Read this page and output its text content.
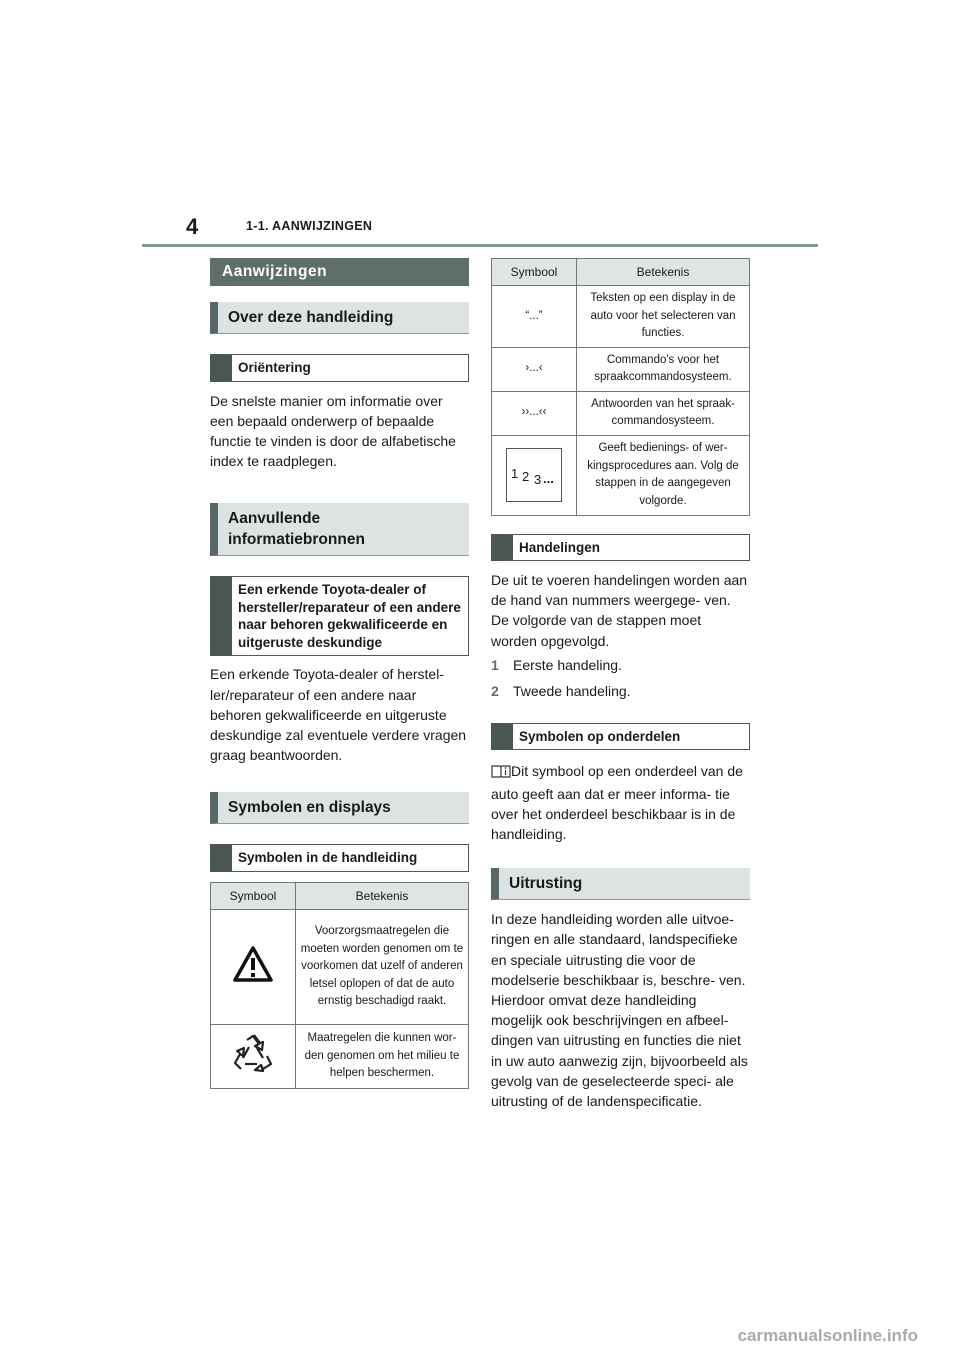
4	1-1. AANWIJZINGEN
Aanwijzingen
Over deze handleiding
Oriëntering
De snelste manier om informatie over een bepaald onderwerp of bepaalde functie te vinden is door de alfabetische index te raadplegen.
Aanvullende
informatiebronnen
Een erkende Toyota-dealer of hersteller/reparateur of een andere naar behoren gekwalificeerde en uitgeruste deskundige
Een erkende Toyota-dealer of herstel- ler/reparateur of een andere naar behoren gekwalificeerde en uitgeruste deskundige zal eventuele verdere vragen graag beantwoorden.
Symbolen en displays
Symbolen in de handleiding
Symbool	Betekenis
	Voorzorgsmaatregelen die moeten worden genomen om te voorkomen dat uzelf of anderen letsel oplopen of dat de auto ernstig beschadigd raakt.
	Maatregelen die kunnen wor- den genomen om het milieu te helpen beschermen.
Symbool	Betekenis
“...”	Teksten op een display in de auto voor het selecteren van functies.
›...‹	Commando's voor het spraakcommandosysteem.
››...‹‹	Antwoorden van het spraak- commandosysteem.

1 2 3 ...	Geeft bedienings- of wer- kingsprocedures aan. Volg de stappen in de aangegeven volgorde.
Handelingen
De uit te voeren handelingen worden aan de hand van nummers weergege- ven. De volgorde van de stappen moet worden opgevolgd.
1 Eerste handeling.
2 Tweede handeling.
Symbolen op onderdelen
Dit symbool op een onderdeel van de auto geeft aan dat er meer informa- tie over het onderdeel beschikbaar is in de handleiding.
Uitrusting
In deze handleiding worden alle uitvoe- ringen en alle standaard, landspecifieke en speciale uitrusting die voor de modelserie beschikbaar is, beschre- ven. Hierdoor omvat deze handleiding mogelijk ook beschrijvingen en afbeel- dingen van uitrusting en functies die niet in uw auto aanwezig zijn, bijvoorbeeld als gevolg van de geselecteerde speci- ale uitrusting of de landenspecificatie.
carmanualsonline.info
